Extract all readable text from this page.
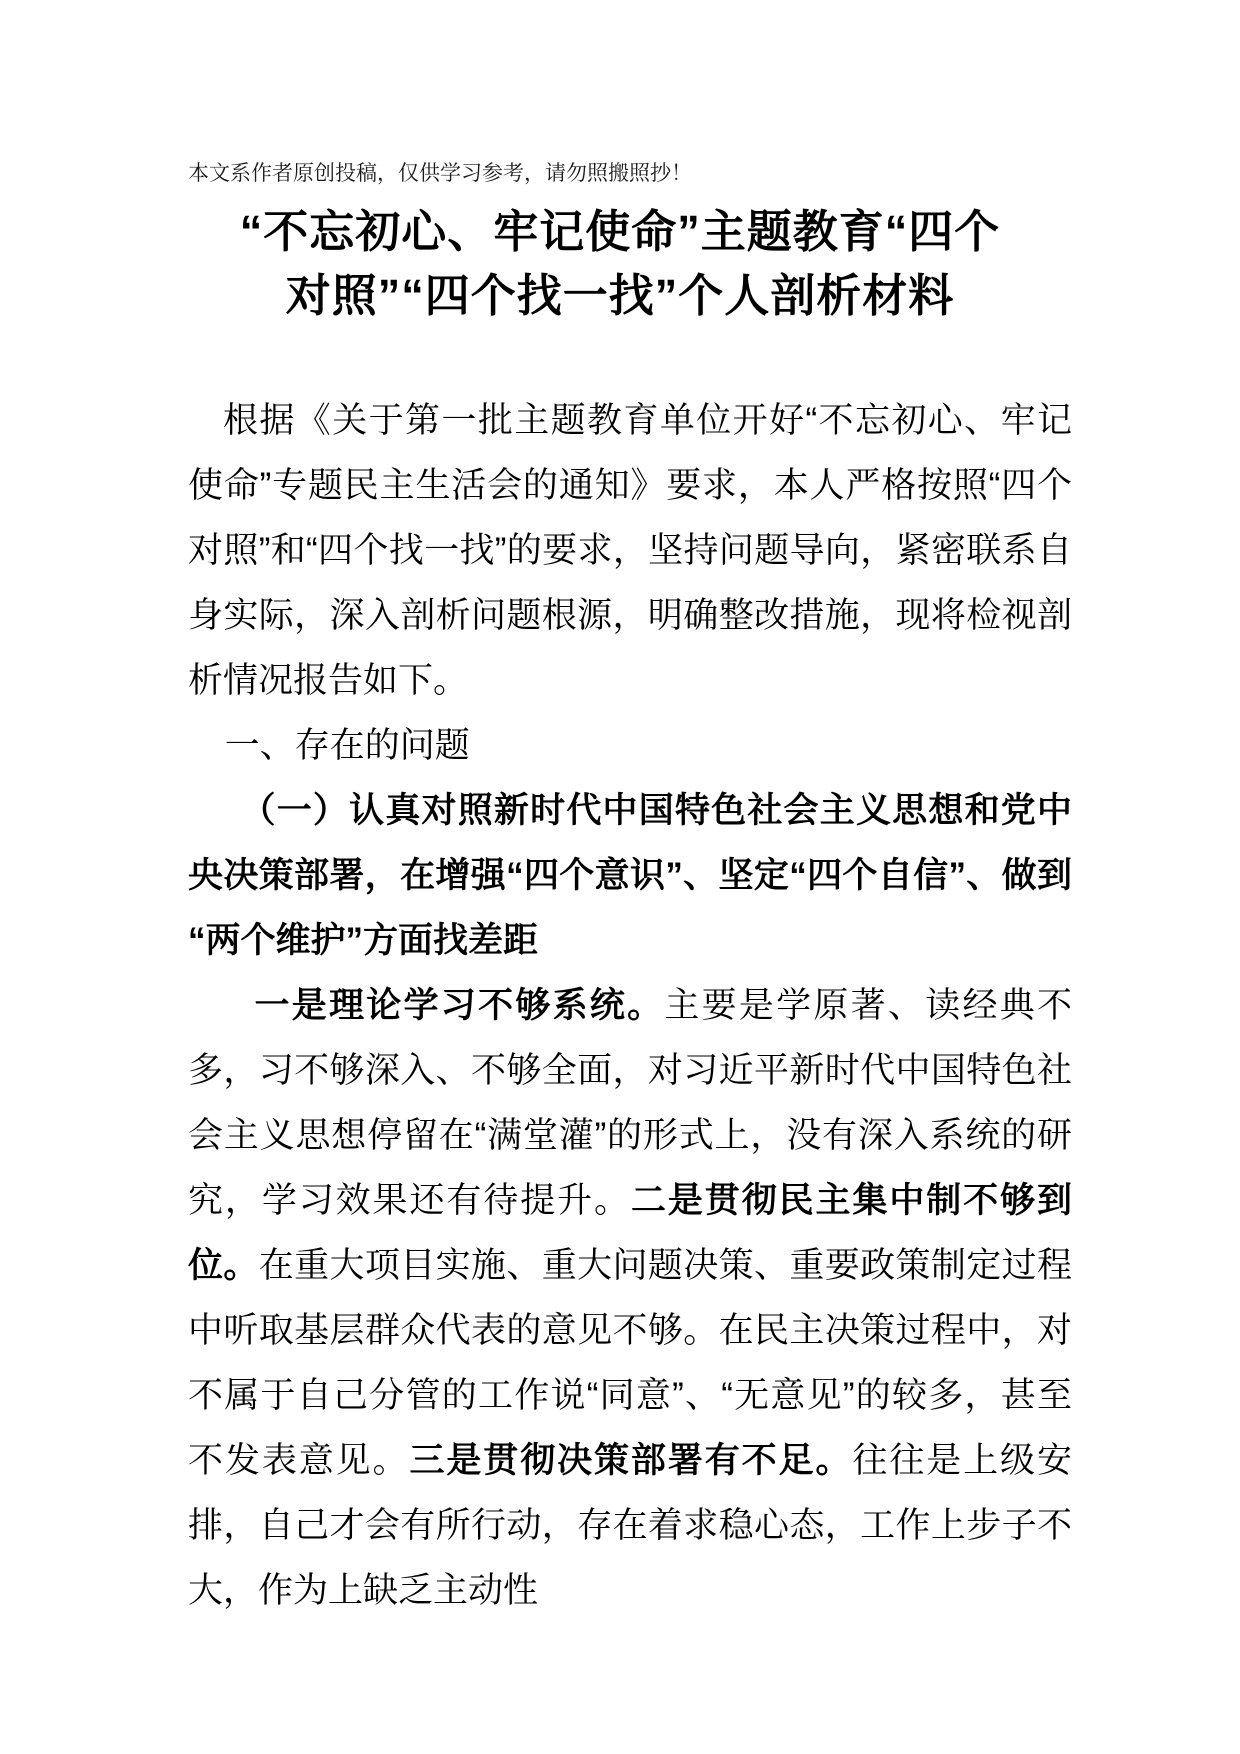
本文系作者原创投稿，仅供学习参考，请勿照搬照抄！

“不忘初心、牢记使命”主题教育“四个对照”“四个找一找”个人剖析材料

根据《关于第一批主题教育单位开好“不忘初心、牢记使命”专题民主生活会的通知》要求，本人严格按照“四个对照”和“四个找一找”的要求，坚持问题导向，紧密联系自身实际，深入剖析问题根源，明确整改措施，现将检视剖析情况报告如下。

一、存在的问题

（一）认真对照新时代中国特色社会主义思想和党中央决策部署，在增强“四个意识”、坚定“四个自信”、做到“两个维护”方面找差距

一是理论学习不够系统。主要是学原著、读经典不多，习不够深入、不够全面，对习近平新时代中国特色社会主义思想停留在“满堂灌”的形式上，没有深入系统的研究，学习效果还有待提升。二是贯彻民主集中制不够到位。在重大项目实施、重大问题决策、重要政策制定过程中听取基层群众代表的意见不够。在民主决策过程中，对不属于自己分管的工作说“同意”、“无意见”的较多，甚至不发表意见。三是贯彻决策部署有不足。往往是上级安排，自己才会有所行动，存在着求稳心态，工作上步子不大，作为上缺乏主动性
